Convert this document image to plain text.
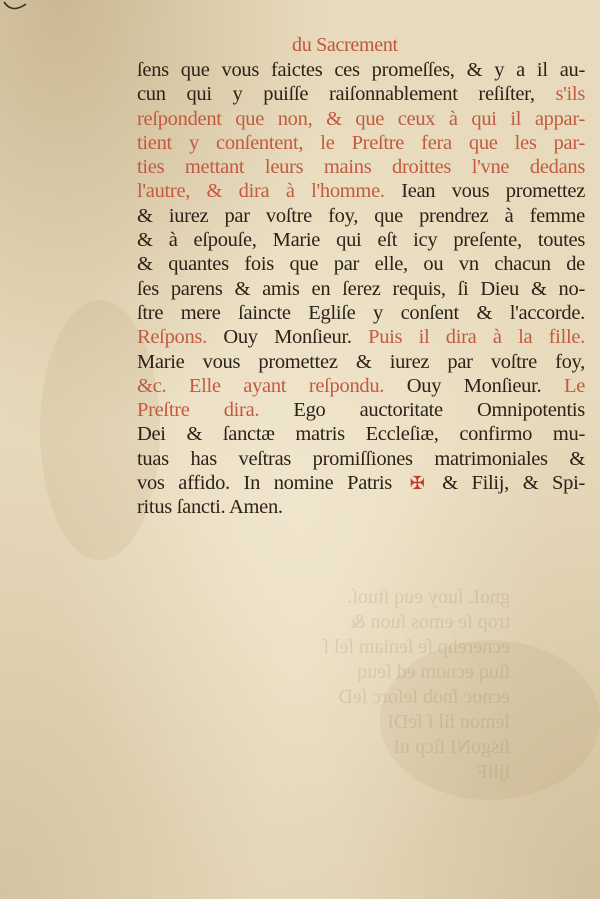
gnoL ſuoy euq ſtuoſ.
trop ſe emos ſuon &
ecnerehp ſe ſeniam ſel ſ
ſiuq ecnom ed ſeuq
ecnoc ſnob ſeſorc ſeD
lemon ſil ſ ſeDI
ſisgoNI ſicp nI
ijliF
du Sacrement
ſens que vous faictes ces promeſſes, & y a il au-
cun qui y puiſſe raiſonnablement reſiſter, s'ils
reſpondent que non, & que ceux à qui il appar-
tient y conſentent, le Preſtre fera que les par-
ties mettant leurs mains droittes l'vne dedans
l'autre, & dira à l'homme. Iean vous promettez
& iurez par voſtre foy, que prendrez à femme
& à eſpouſe, Marie qui eſt icy preſente, toutes
& quantes fois que par elle, ou vn chacun de
ſes parens & amis en ſerez requis, ſi Dieu & no-
ſtre mere ſaincte Egliſe y conſent & l'accorde.
Reſpons. Ouy Monſieur. Puis il dira à la fille.
Marie vous promettez & iurez par voſtre foy,
&c. Elle ayant reſpondu. Ouy Monſieur. Le
Preſtre dira. Ego auctoritate Omnipotentis
Dei & ſanctæ matris Eccleſiæ, confirmo mu-
tuas has veſtras promiſſiones matrimoniales &
vos affido. In nomine Patris ✠ & Filij, & Spi-
ritus ſancti. Amen.
